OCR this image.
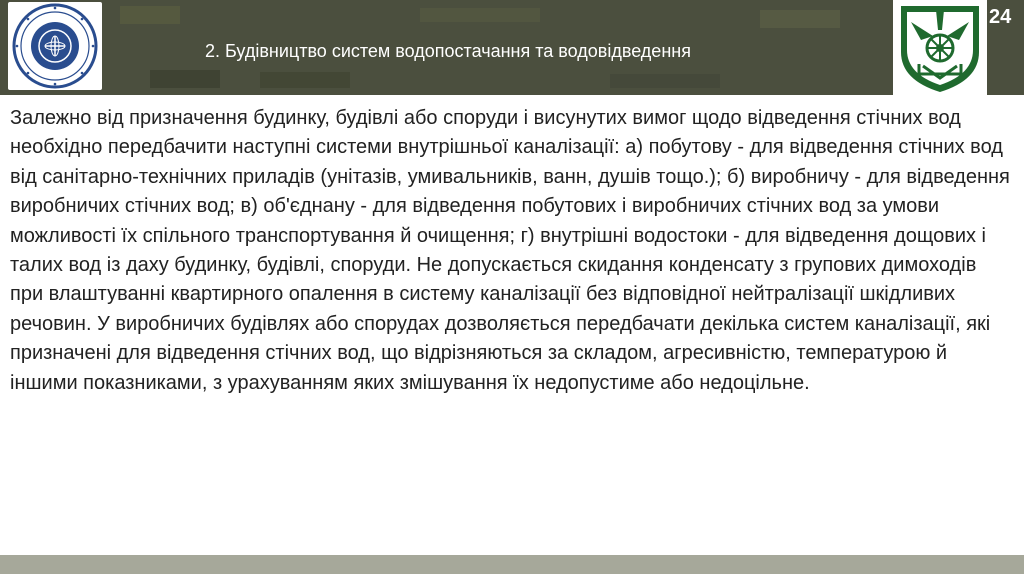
2. Будівництво систем водопостачання та водовідведення
24

Залежно від призначення будинку, будівлі або споруди і висунутих вимог щодо відведення стічних вод необхідно передбачити наступні системи внутрішньої каналізації: а) побутову - для відведення стічних вод від санітарно-технічних приладів (унітазів, умивальників, ванн, душів тощо.); б) виробничу - для відведення виробничих стічних вод; в) об'єднану - для відведення побутових і виробничих стічних вод за умови можливості їх спільного транспортування й очищення; г) внутрішні водостоки - для відведення дощових і талих вод із даху будинку, будівлі, споруди. Не допускається скидання конденсату з групових димоходів при влаштуванні квартирного опалення в систему каналізації без відповідної нейтралізації шкідливих речовин. У виробничих будівлях або спорудах дозволяється передбачати декілька систем каналізації, які призначені для відведення стічних вод, що відрізняються за складом, агресивністю, температурою й іншими показниками, з урахуванням яких змішування їх недопустиме або недоцільне.
